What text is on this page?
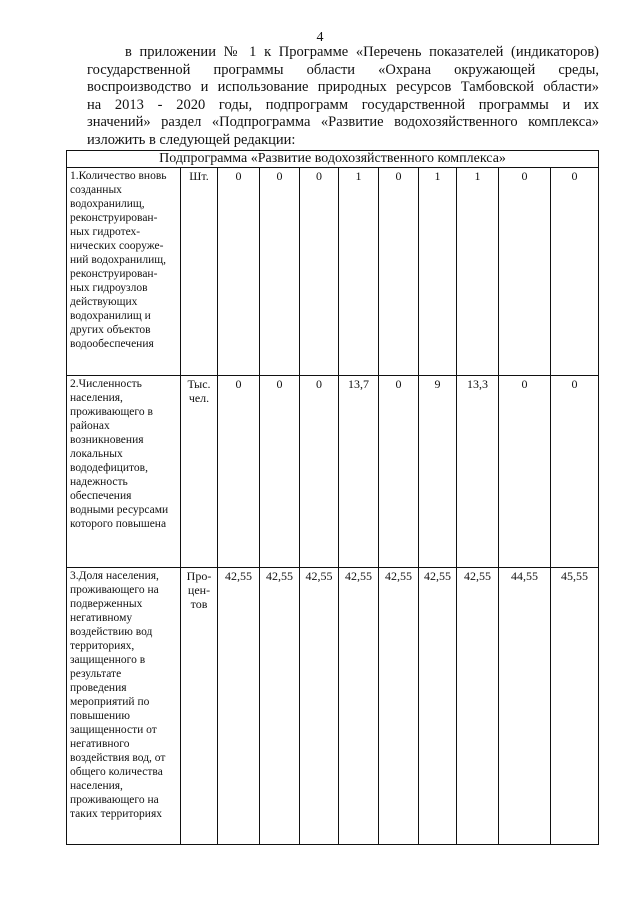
4
в приложении № 1 к Программе «Перечень показателей (индикаторов)
государственной программы области «Охрана окружающей среды,
воспроизводство и использование природных ресурсов Тамбовской области»
на 2013 - 2020 годы, подпрограмм государственной программы и их
значений» раздел «Подпрограмма «Развитие водохозяйственного комплекса»
изложить в следующей редакции:
Подпрограмма «Развитие водохозяйственного комплекса»										
1.Количество вновь созданных водохранилищ, реконструирован-ных гидротех-нических сооруже-ний водохранилищ, реконструирован-ных гидроузлов действующих водохранилищ и других объектов водообеспечения	Шт.	0	0	0	1	0	1	1	0	0
2.Численность населения, проживающего в районах возникновения локальных вододефицитов, надежность обеспечения водными ресурсами которого повышена	Тыс. чел.	0	0	0	13,7	0	9	13,3	0	0
3.Доля населения, проживающего на подверженных негативному воздействию вод территориях, защищенного в результате проведения мероприятий по повышению защищенности от негативного воздействия вод, от общего количества населения, проживающего на таких территориях	Про-цен-тов	42,55	42,55	42,55	42,55	42,55	42,55	42,55	44,55	45,55
